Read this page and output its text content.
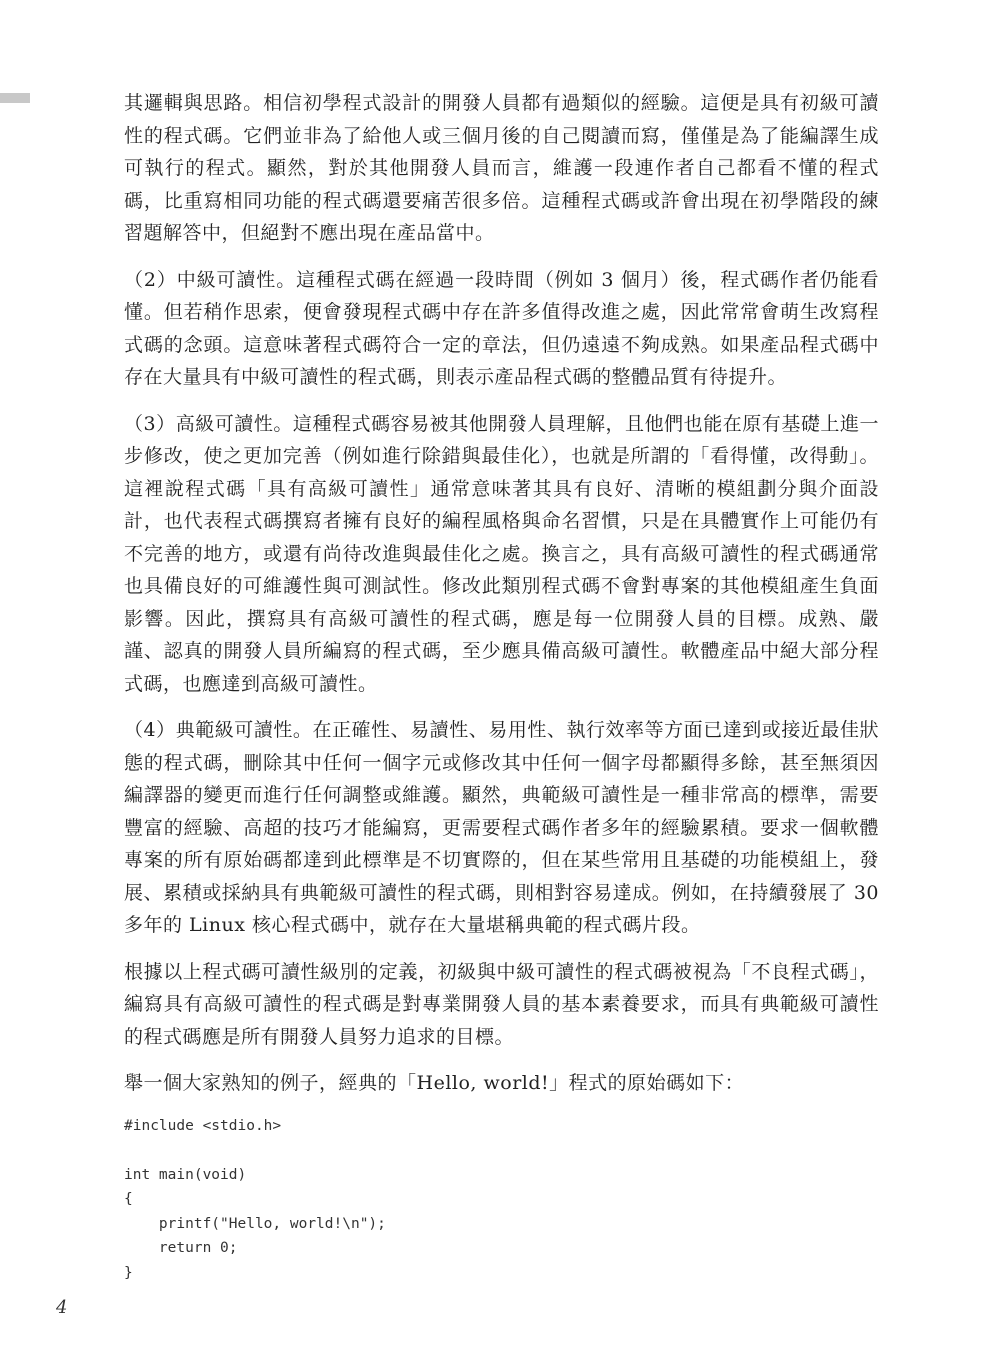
其邏輯與思路。相信初學程式設計的開發人員都有過類似的經驗。這便是具有初級可讀性的程式碼。它們並非為了給他人或三個月後的自己閱讀而寫，僅僅是為了能編譯生成可執行的程式。顯然，對於其他開發人員而言，維護一段連作者自己都看不懂的程式碼，比重寫相同功能的程式碼還要痛苦很多倍。這種程式碼或許會出現在初學階段的練習題解答中，但絕對不應出現在產品當中。

（2）中級可讀性。這種程式碼在經過一段時間（例如 3 個月）後，程式碼作者仍能看懂。但若稍作思索，便會發現程式碼中存在許多值得改進之處，因此常常會萌生改寫程式碼的念頭。這意味著程式碼符合一定的章法，但仍遠遠不夠成熟。如果產品程式碼中存在大量具有中級可讀性的程式碼，則表示產品程式碼的整體品質有待提升。

（3）高級可讀性。這種程式碼容易被其他開發人員理解，且他們也能在原有基礎上進一步修改，使之更加完善（例如進行除錯與最佳化），也就是所謂的「看得懂，改得動」。這裡說程式碼「具有高級可讀性」通常意味著其具有良好、清晰的模組劃分與介面設計，也代表程式碼撰寫者擁有良好的編程風格與命名習慣，只是在具體實作上可能仍有不完善的地方，或還有尚待改進與最佳化之處。換言之，具有高級可讀性的程式碼通常也具備良好的可維護性與可測試性。修改此類別程式碼不會對專案的其他模組產生負面影響。因此，撰寫具有高級可讀性的程式碼，應是每一位開發人員的目標。成熟、嚴謹、認真的開發人員所編寫的程式碼，至少應具備高級可讀性。軟體產品中絕大部分程式碼，也應達到高級可讀性。

（4）典範級可讀性。在正確性、易讀性、易用性、執行效率等方面已達到或接近最佳狀態的程式碼，刪除其中任何一個字元或修改其中任何一個字母都顯得多餘，甚至無須因編譯器的變更而進行任何調整或維護。顯然，典範級可讀性是一種非常高的標準，需要豐富的經驗、高超的技巧才能編寫，更需要程式碼作者多年的經驗累積。要求一個軟體專案的所有原始碼都達到此標準是不切實際的，但在某些常用且基礎的功能模組上，發展、累積或採納具有典範級可讀性的程式碼，則相對容易達成。例如，在持續發展了 30 多年的 Linux 核心程式碼中，就存在大量堪稱典範的程式碼片段。

根據以上程式碼可讀性級別的定義，初級與中級可讀性的程式碼被視為「不良程式碼」，編寫具有高級可讀性的程式碼是對專業開發人員的基本素養要求，而具有典範級可讀性的程式碼應是所有開發人員努力追求的目標。

舉一個大家熟知的例子，經典的「Hello, world!」程式的原始碼如下：

#include <stdio.h>
int main(void)
{
printf("Hello, world!\n");
return 0;
}
4
